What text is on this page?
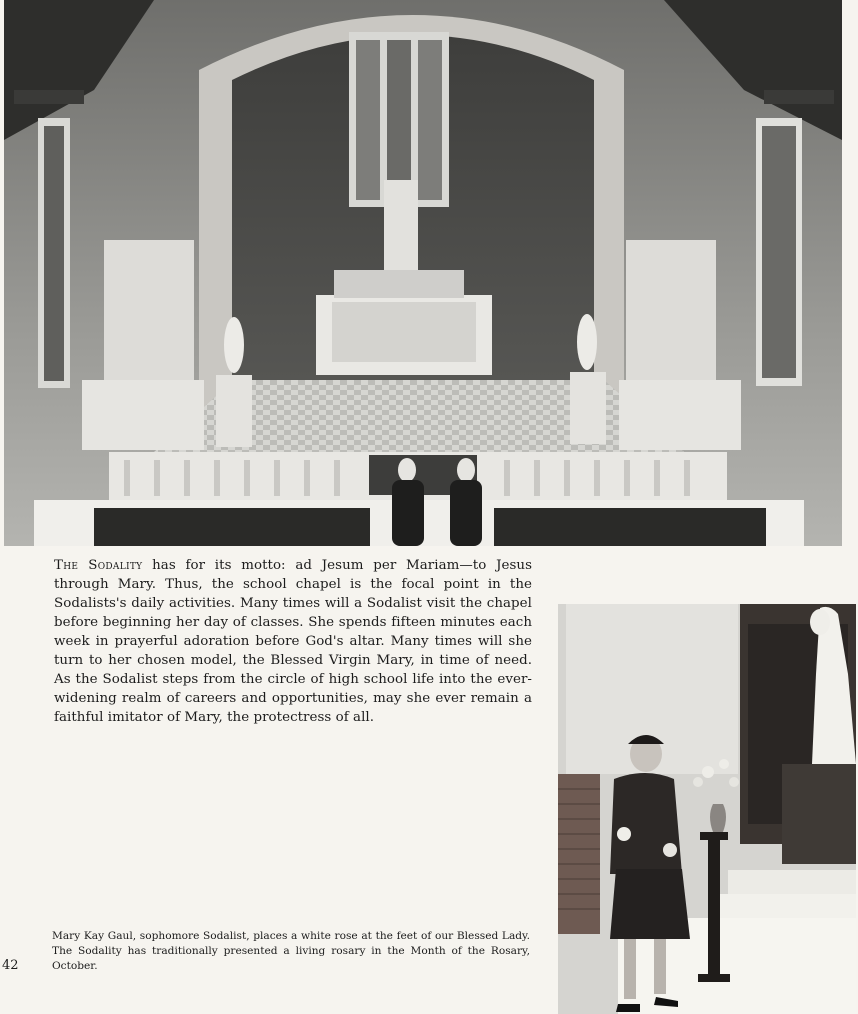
The Sodality has for its motto: ad Jesum per Mariam—to Jesus through Mary. Thus, the school chapel is the focal point in the Sodalists's daily activities. Many times will a Sodalist visit the chapel before beginning her day of classes. She spends fifteen minutes each week in prayerful adoration before God's altar. Many times will she turn to her chosen model, the Blessed Virgin Mary, in time of need. As the Sodalist steps from the circle of high school life into the ever-widening realm of careers and opportunities, may she ever remain a faithful imitator of Mary, the protectress of all.
Mary Kay Gaul, sophomore Sodalist, places a white rose at the feet of our Blessed Lady. The Sodality has traditionally presented a living rosary in the Month of the Rosary, October.
42
